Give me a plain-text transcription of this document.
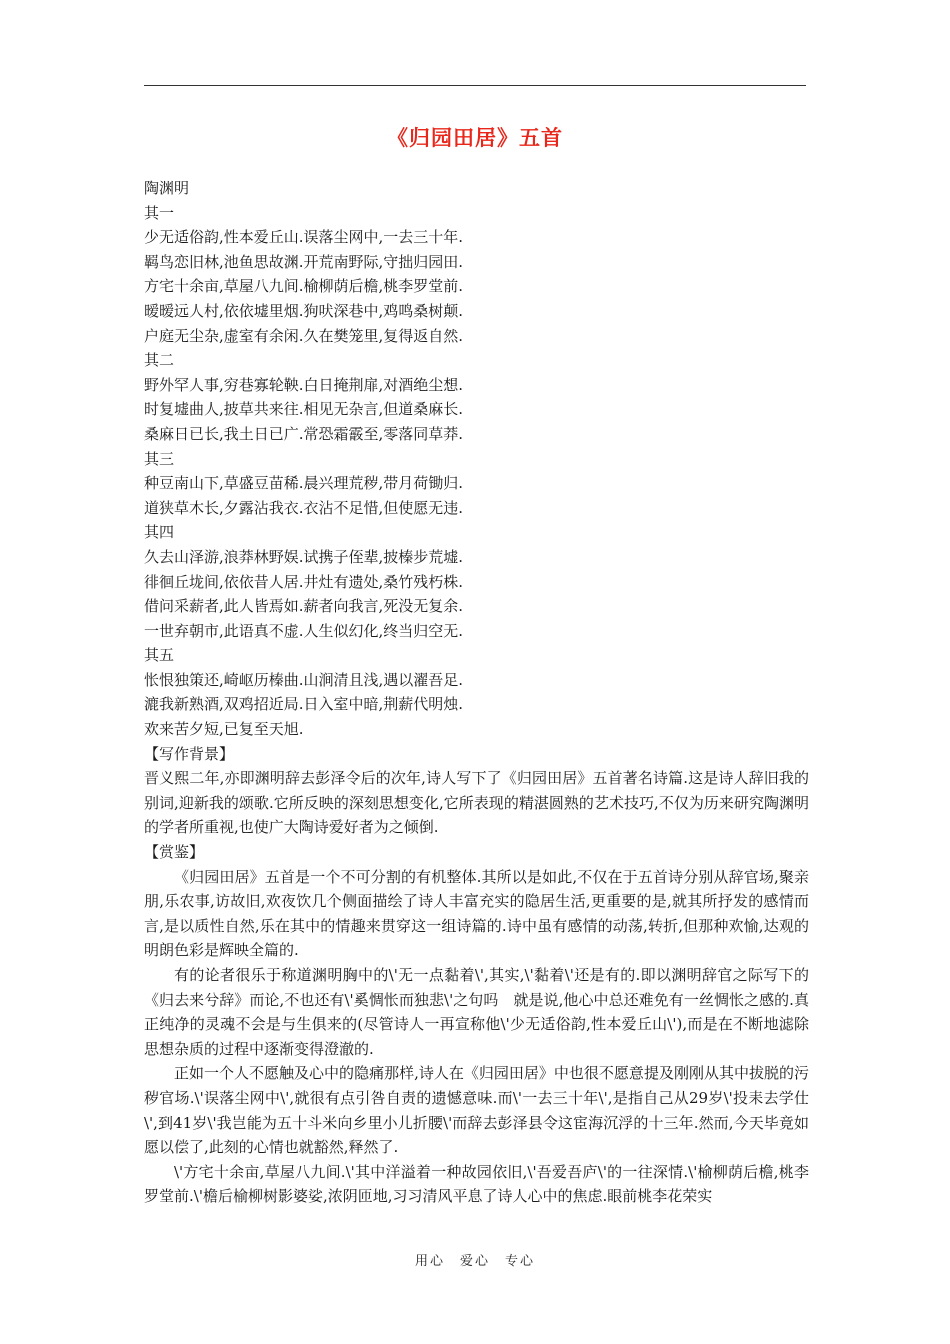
《归园田居》五首
陶渊明
其一
少无适俗韵,性本爱丘山.误落尘网中,一去三十年.
羁鸟恋旧林,池鱼思故渊.开荒南野际,守拙归园田.
方宅十余亩,草屋八九间.榆柳荫后檐,桃李罗堂前.
暧暧远人村,依依墟里烟.狗吠深巷中,鸡鸣桑树颠.
户庭无尘杂,虚室有余闲.久在樊笼里,复得返自然.
其二
野外罕人事,穷巷寡轮鞅.白日掩荆扉,对酒绝尘想.
时复墟曲人,披草共来往.相见无杂言,但道桑麻长.
桑麻日已长,我土日已广.常恐霜霰至,零落同草莽.
其三
种豆南山下,草盛豆苗稀.晨兴理荒秽,带月荷锄归.
道狭草木长,夕露沾我衣.衣沾不足惜,但使愿无违.
其四
久去山泽游,浪莽林野娱.试携子侄辈,披榛步荒墟.
徘徊丘垅间,依依昔人居.井灶有遗处,桑竹残朽株.
借问采薪者,此人皆焉如.薪者向我言,死没无复余.
一世弃朝市,此语真不虚.人生似幻化,终当归空无.
其五
怅恨独策还,崎岖历榛曲.山涧清且浅,遇以濯吾足.
漉我新熟酒,双鸡招近局.日入室中暗,荆薪代明烛.
欢来苦夕短,已复至天旭.
【写作背景】

晋义熙二年,亦即渊明辞去彭泽令后的次年,诗人写下了《归园田居》五首著名诗篇.这是诗人辞旧我的别词,迎新我的颂歌.它所反映的深刻思想变化,它所表现的精湛圆熟的艺术技巧,不仅为历来研究陶渊明的学者所重视,也使广大陶诗爱好者为之倾倒.

【赏鉴】

《归园田居》五首是一个不可分割的有机整体.其所以是如此,不仅在于五首诗分别从辞官场,聚亲朋,乐农事,访故旧,欢夜饮几个侧面描绘了诗人丰富充实的隐居生活,更重要的是,就其所抒发的感情而言,是以质性自然,乐在其中的情趣来贯穿这一组诗篇的.诗中虽有感情的动荡,转折,但那种欢愉,达观的明朗色彩是辉映全篇的.

有的论者很乐于称道渊明胸中的\'无一点黏着\',其实,\'黏着\'还是有的.即以渊明辞官之际写下的《归去来兮辞》而论,不也还有\'奚惆怅而独悲\'之句吗　就是说,他心中总还难免有一丝惆怅之感的.真正纯净的灵魂不会是与生俱来的(尽管诗人一再宣称他\'少无适俗韵,性本爱丘山\'),而是在不断地滤除思想杂质的过程中逐渐变得澄澈的.

正如一个人不愿触及心中的隐痛那样,诗人在《归园田居》中也很不愿意提及刚刚从其中拔脱的污秽官场.\'误落尘网中\',就很有点引咎自责的遗憾意味.而\'一去三十年\',是指自己从29岁\'投耒去学仕\',到41岁\'我岂能为五十斗米向乡里小儿折腰\'而辞去彭泽县令这宦海沉浮的十三年.然而,今天毕竟如愿以偿了,此刻的心情也就豁然,释然了.

\'方宅十余亩,草屋八九间.\'其中洋溢着一种故园依旧,\'吾爱吾庐\'的一往深情.\'榆柳荫后檐,桃李罗堂前.\'檐后榆柳树影婆娑,浓阴匝地,习习清风平息了诗人心中的焦虑.眼前桃李花荣实

用心　爱心　专心
